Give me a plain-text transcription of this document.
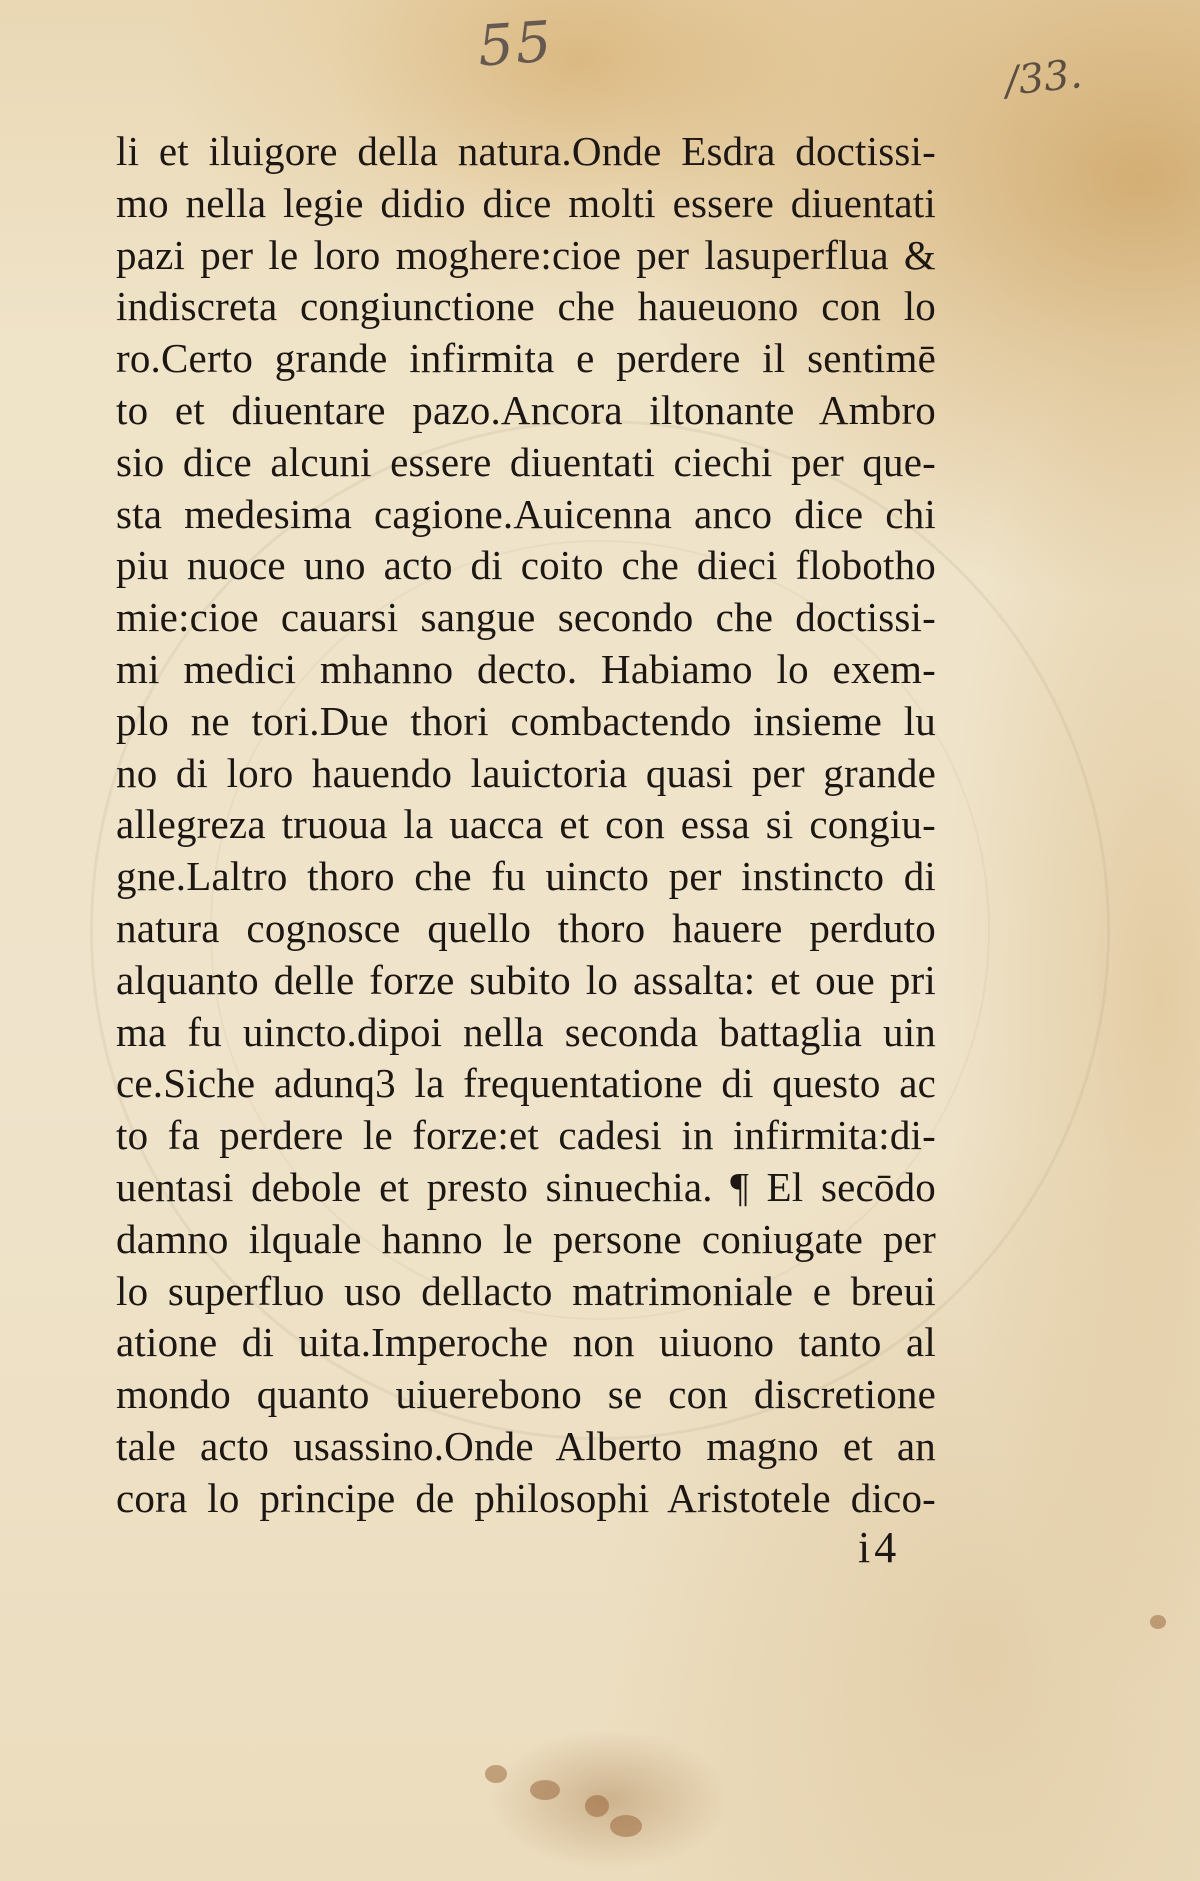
55	/33.
li et iluigore della natura.Onde Esdra doctissi-
mo nella legie didio dice molti essere diuentati
pazi per le loro moghere:cioe per lasuperflua &
indiscreta congiunctione che haueuono con lo
ro.Certo grande infirmita e perdere il sentimē
to et diuentare pazo.Ancora iltonante Ambro
sio dice alcuni essere diuentati ciechi per que-
sta medesima cagione.Auicenna anco dice chi
piu nuoce uno acto di coito che dieci flobotho
mie:cioe cauarsi sangue secondo che doctissi-
mi medici mhanno decto. Habiamo lo exem-
plo ne tori.Due thori combactendo insieme lu
no di loro hauendo lauictoria quasi per grande
allegreza truoua la uacca et con essa si congiu-
gne.Laltro thoro che fu uincto per instincto di
natura cognosce quello thoro hauere perduto
alquanto delle forze subito lo assalta: et oue pri
ma fu uincto.dipoi nella seconda battaglia uin
ce.Siche adunq3 la frequentatione di questo ac
to fa perdere le forze:et cadesi in infirmita:di-
uentasi debole et presto sinuechia. ¶ El secōdo
damno ilquale hanno le persone coniugate per
lo superfluo uso dellacto matrimoniale e breui
atione di uita.Imperoche non uiuono tanto al
mondo quanto uiuerebono se con discretione
tale acto usassino.Onde Alberto magno et an
cora lo principe de philosophi Aristotele dico-
i4
